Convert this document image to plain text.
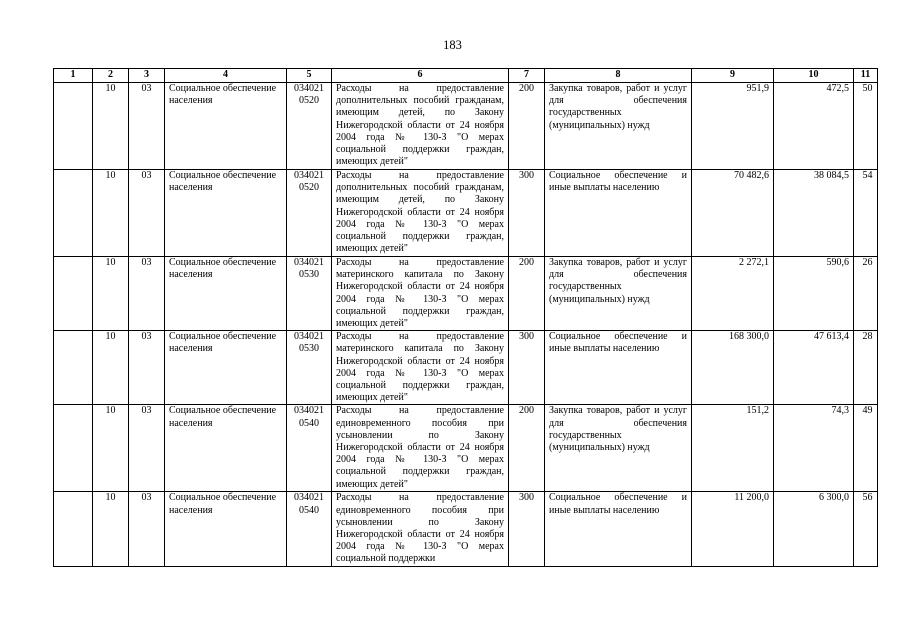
183
1	2	3	4	5	6	7	8	9	10	11
	10	03	Социальное обеспечение населения	034021 0520	Расходы на предоставление дополнительных пособий гражданам, имеющим детей, по Закону Нижегородской области от 24 ноября 2004 года № 130-З "О мерах социальной поддержки граждан, имеющих детей"	200	Закупка товаров, работ и услуг для обеспечения государственных (муниципальных) нужд	951,9	472,5	50
	10	03	Социальное обеспечение населения	034021 0520	Расходы на предоставление дополнительных пособий гражданам, имеющим детей, по Закону Нижегородской области от 24 ноября 2004 года № 130-З "О мерах социальной поддержки граждан, имеющих детей"	300	Социальное обеспечение и иные выплаты населению	70 482,6	38 084,5	54
	10	03	Социальное обеспечение населения	034021 0530	Расходы на предоставление материнского капитала по Закону Нижегородской области от 24 ноября 2004 года № 130-З "О мерах социальной поддержки граждан, имеющих детей"	200	Закупка товаров, работ и услуг для обеспечения государственных (муниципальных) нужд	2 272,1	590,6	26
	10	03	Социальное обеспечение населения	034021 0530	Расходы на предоставление материнского капитала по Закону Нижегородской области от 24 ноября 2004 года № 130-З "О мерах социальной поддержки граждан, имеющих детей"	300	Социальное обеспечение и иные выплаты населению	168 300,0	47 613,4	28
	10	03	Социальное обеспечение населения	034021 0540	Расходы на предоставление единовременного пособия при усыновлении по Закону Нижегородской области от 24 ноября 2004 года № 130-З "О мерах социальной поддержки граждан, имеющих детей"	200	Закупка товаров, работ и услуг для обеспечения государственных (муниципальных) нужд	151,2	74,3	49
	10	03	Социальное обеспечение населения	034021 0540	Расходы на предоставление единовременного пособия при усыновлении по Закону Нижегородской области от 24 ноября 2004 года № 130-З "О мерах социальной поддержки	300	Социальное обеспечение и иные выплаты населению	11 200,0	6 300,0	56
